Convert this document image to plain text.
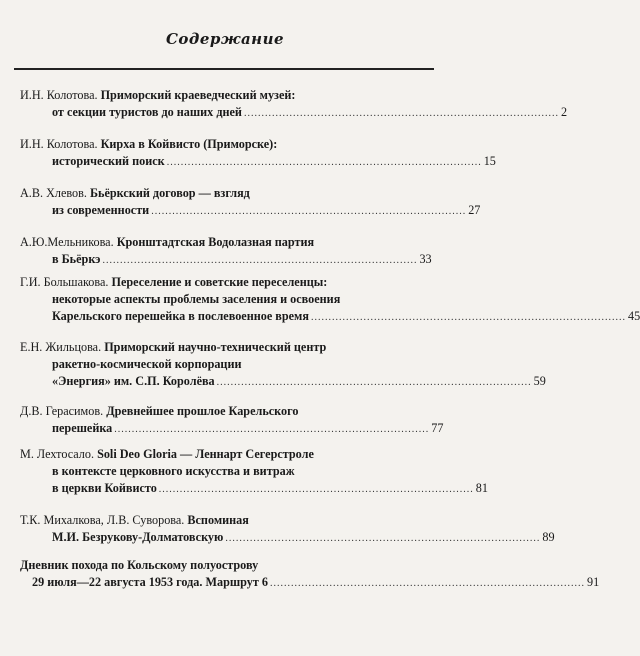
Содержание
И.Н. Колотова. Приморский краеведческий музей:
от секции туристов до наших дней .......................................................................................... 2
И.Н. Колотова. Кирха в Койвисто (Приморске):
исторический поиск .......................................................................................... 15
А.В. Хлевов. Бьёркский договор — взгляд
из современности .......................................................................................... 27
А.Ю.Мельникова. Кронштадтская Водолазная партия
в Бьёркэ .......................................................................................... 33
Г.И. Большакова. Переселение и советские переселенцы:
некоторые аспекты проблемы заселения и освоения
Карельского перешейка в послевоенное время .......................................................................................... 45
Е.Н. Жильцова. Приморский научно-технический центр
ракетно-космической корпорации
«Энергия» им. С.П. Королёва .......................................................................................... 59
Д.В. Герасимов. Древнейшее прошлое Карельского
перешейка .......................................................................................... 77
М. Лехтосало. Soli Deo Gloria — Леннарт Сегерстроле
в контексте церковного искусства и витраж
в церкви Койвисто .......................................................................................... 81
Т.К. Михалкова, Л.В. Суворова. Вспоминая
М.И. Безрукову-Долматовскую .......................................................................................... 89
Дневник похода по Кольскому полуострову
29 июля—22 августа 1953 года. Маршрут 6 .......................................................................................... 91
